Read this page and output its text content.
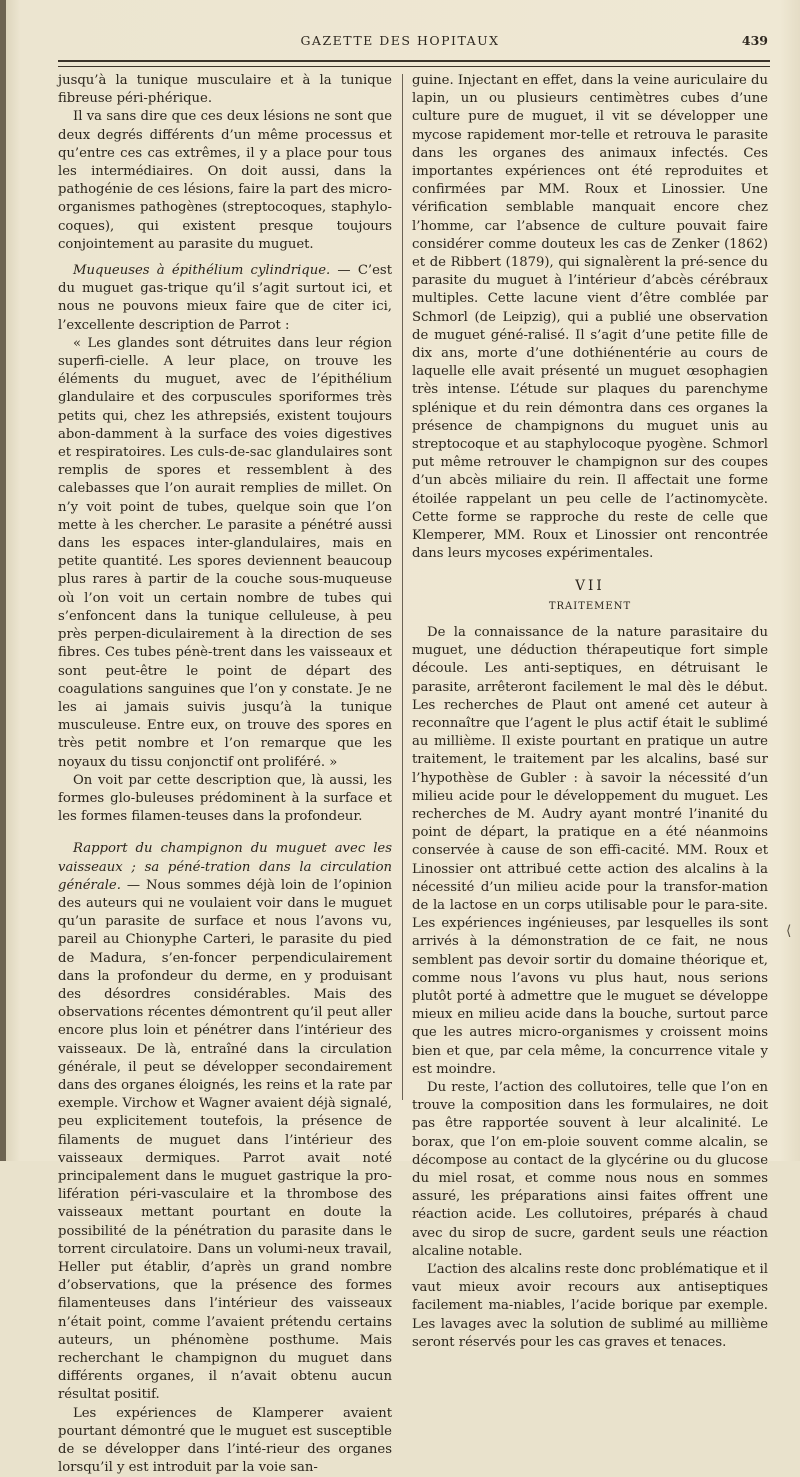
GAZETTE DES HOPITAUX	439

jusqu’à la tunique musculaire et à la tunique fibreuse péri-phérique.

Il va sans dire que ces deux lésions ne sont que deux degrés différents d’un même processus et qu’entre ces cas extrêmes, il y a place pour tous les intermédiaires. On doit aussi, dans la pathogénie de ces lésions, faire la part des micro-organismes pathogènes (streptocoques, staphylo-coques), qui existent presque toujours conjointement au parasite du muguet.

Muqueuses à épithélium cylindrique. — C’est du muguet gas-trique qu’il s’agit surtout ici, et nous ne pouvons mieux faire que de citer ici, l’excellente description de Parrot :

« Les glandes sont détruites dans leur région superfi-cielle. A leur place, on trouve les éléments du muguet, avec de l’épithélium glandulaire et des corpuscules sporiformes très petits qui, chez les athrepsiés, existent toujours abon-damment à la surface des voies digestives et respiratoires. Les culs-de-sac glandulaires sont remplis de spores et ressemblent à des calebasses que l’on aurait remplies de millet. On n’y voit point de tubes, quelque soin que l’on mette à les chercher. Le parasite a pénétré aussi dans les espaces inter-glandulaires, mais en petite quantité. Les spores deviennent beaucoup plus rares à partir de la couche sous-muqueuse où l’on voit un certain nombre de tubes qui s’enfoncent dans la tunique celluleuse, à peu près perpen-diculairement à la direction de ses fibres. Ces tubes pénè-trent dans les vaisseaux et sont peut-être le point de départ des coagulations sanguines que l’on y constate. Je ne les ai jamais suivis jusqu’à la tunique musculeuse. Entre eux, on trouve des spores en très petit nombre et l’on remarque que les noyaux du tissu conjonctif ont proliféré. »

On voit par cette description que, là aussi, les formes glo-buleuses prédominent à la surface et les formes filamen-teuses dans la profondeur.

Rapport du champignon du muguet avec les vaisseaux ; sa péné-tration dans la circulation générale. — Nous sommes déjà loin de l’opinion des auteurs qui ne voulaient voir dans le muguet qu’un parasite de surface et nous l’avons vu, pareil au Chionyphe Carteri, le parasite du pied de Madura, s’en-foncer perpendiculairement dans la profondeur du derme, en y produisant des désordres considérables. Mais des observations récentes démontrent qu’il peut aller encore plus loin et pénétrer dans l’intérieur des vaisseaux. De là, entraîné dans la circulation générale, il peut se développer secondairement dans des organes éloignés, les reins et la rate par exemple. Virchow et Wagner avaient déjà signalé, peu explicitement toutefois, la présence de filaments de muguet dans l’intérieur des vaisseaux dermiques. Parrot avait noté principalement dans le muguet gastrique la pro-lifération péri-vasculaire et la thrombose des vaisseaux mettant pourtant en doute la possibilité de la pénétration du parasite dans le torrent circulatoire. Dans un volumi-neux travail, Heller put établir, d’après un grand nombre d’observations, que la présence des formes filamenteuses dans l’intérieur des vaisseaux n’était point, comme l’avaient prétendu certains auteurs, un phénomène posthume. Mais recherchant le champignon du muguet dans différents organes, il n’avait obtenu aucun résultat positif.

Les expériences de Klamperer avaient pourtant démontré que le muguet est susceptible de se développer dans l’inté-rieur des organes lorsqu’il y est introduit par la voie san-

guine. Injectant en effet, dans la veine auriculaire du lapin, un ou plusieurs centimètres cubes d’une culture pure de muguet, il vit se développer une mycose rapidement mor-telle et retrouva le parasite dans les organes des animaux infectés. Ces importantes expériences ont été reproduites et confirmées par MM. Roux et Linossier. Une vérification semblable manquait encore chez l’homme, car l’absence de culture pouvait faire considérer comme douteux les cas de Zenker (1862) et de Ribbert (1879), qui signalèrent la pré-sence du parasite du muguet à l’intérieur d’abcès cérébraux multiples. Cette lacune vient d’être comblée par Schmorl (de Leipzig), qui a publié une observation de muguet géné-ralisé. Il s’agit d’une petite fille de dix ans, morte d’une dothiénentérie au cours de laquelle elle avait présenté un muguet œsophagien très intense. L’étude sur plaques du parenchyme splénique et du rein démontra dans ces organes la présence de champignons du muguet unis au streptocoque et au staphylocoque pyogène. Schmorl put même retrouver le champignon sur des coupes d’un abcès miliaire du rein. Il affectait une forme étoilée rappelant un peu celle de l’actinomycète. Cette forme se rapproche du reste de celle que Klemperer, MM. Roux et Linossier ont rencontrée dans leurs mycoses expérimentales.

VII
TRAITEMENT

De la connaissance de la nature parasitaire du muguet, une déduction thérapeutique fort simple découle. Les anti-septiques, en détruisant le parasite, arrêteront facilement le mal dès le début. Les recherches de Plaut ont amené cet auteur à reconnaître que l’agent le plus actif était le sublimé au millième. Il existe pourtant en pratique un autre traitement, le traitement par les alcalins, basé sur l’hypothèse de Gubler : à savoir la nécessité d’un milieu acide pour le développement du muguet. Les recherches de M. Audry ayant montré l’inanité du point de départ, la pratique en a été néanmoins conservée à cause de son effi-cacité. MM. Roux et Linossier ont attribué cette action des alcalins à la nécessité d’un milieu acide pour la transfor-mation de la lactose en un corps utilisable pour le para-site. Les expériences ingénieuses, par lesquelles ils sont arrivés à la démonstration de ce fait, ne nous semblent pas devoir sortir du domaine théorique et, comme nous l’avons vu plus haut, nous serions plutôt porté à admettre que le muguet se développe mieux en milieu acide dans la bouche, surtout parce que les autres micro-organismes y croissent moins bien et que, par cela même, la concurrence vitale y est moindre.

Du reste, l’action des collutoires, telle que l’on en trouve la composition dans les formulaires, ne doit pas être rapportée souvent à leur alcalinité. Le borax, que l’on em-ploie souvent comme alcalin, se décompose au contact de la glycérine ou du glucose du miel rosat, et comme nous nous en sommes assuré, les préparations ainsi faites offrent une réaction acide. Les collutoires, préparés à chaud avec du sirop de sucre, gardent seuls une réaction alcaline notable.

L’action des alcalins reste donc problématique et il vaut mieux avoir recours aux antiseptiques facilement ma-niables, l’acide borique par exemple. Les lavages avec la solution de sublimé au millième seront réservés pour les cas graves et tenaces.

⟨
